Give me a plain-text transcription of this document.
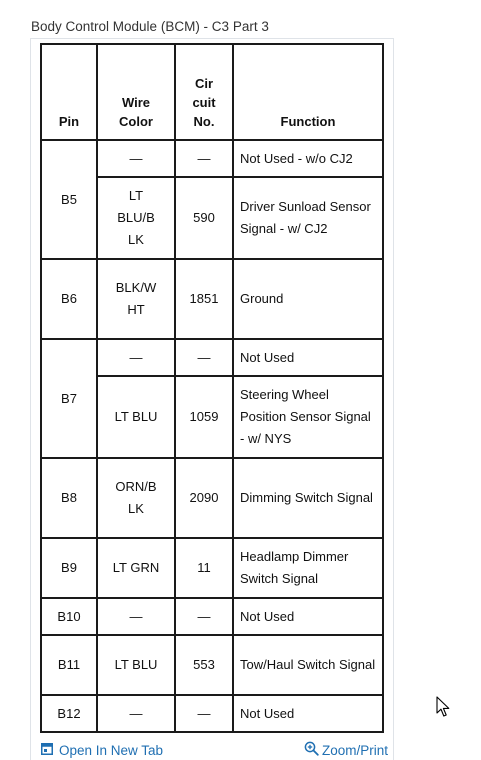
Body Control Module (BCM) - C3 Part 3
Pin	Wire Color	Cir cuit No.	Function
B5	—	—	Not Used - w/o CJ2
	LT BLU/B LK	590	Driver Sunload Sensor Signal - w/ CJ2
B6	BLK/W HT	1851	Ground
B7	—	—	Not Used
	LT BLU	1059	Steering Wheel Position Sensor Signal - w/ NYS
B8	ORN/B LK	2090	Dimming Switch Signal
B9	LT GRN	11	Headlamp Dimmer Switch Signal
B10	—	—	Not Used
B11	LT BLU	553	Tow/Haul Switch Signal
B12	—	—	Not Used
Open In New Tab	Zoom/Print
